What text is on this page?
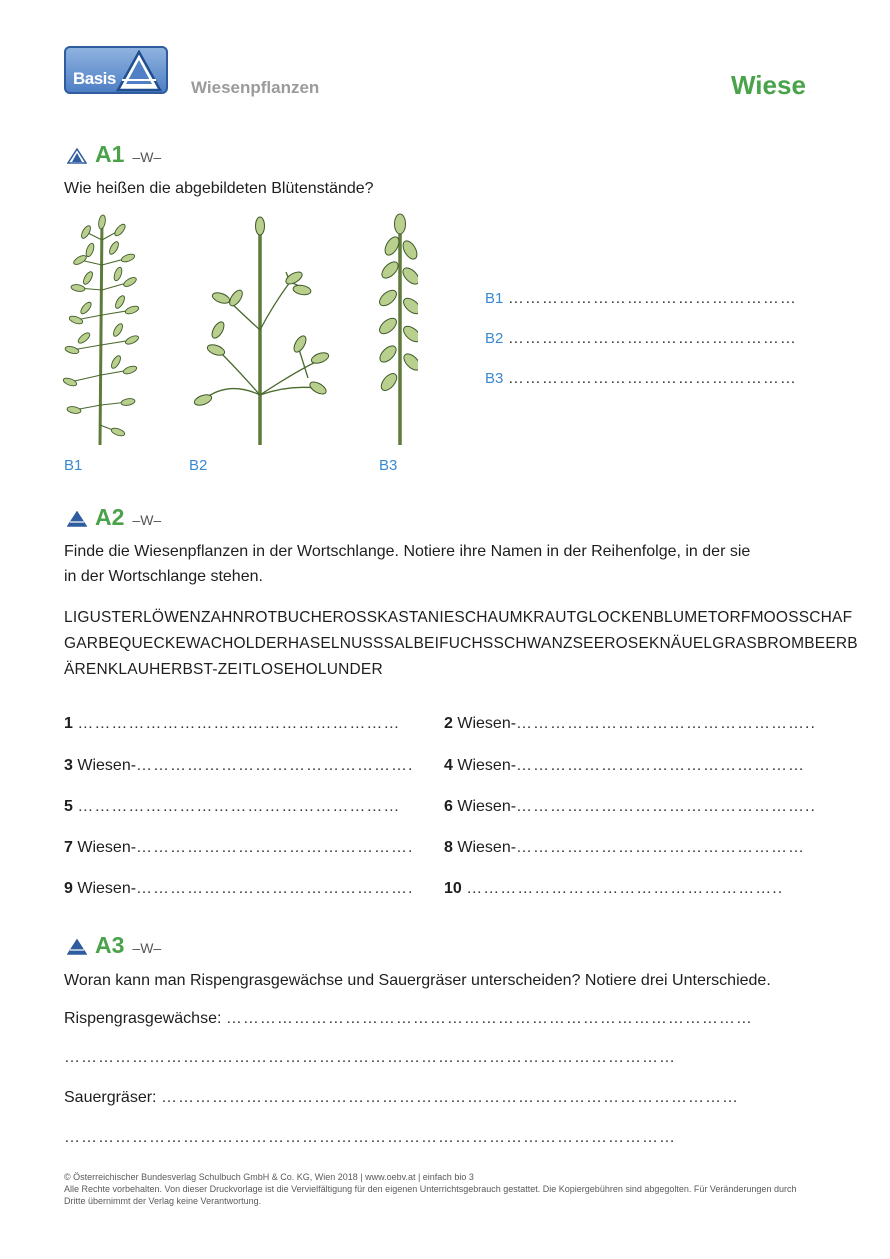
Basis	Wiesenpflanzen	Wiese
A1 –W–
Wie heißen die abgebildeten Blütenstände?
B1	B2	B3
B1 ……………………………………………
B2 ……………………………………………
B3 ……………………………………………
A2 –W–
Finde die Wiesenpflanzen in der Wortschlange. Notiere ihre Namen in der Reihenfolge, in der sie
in der Wortschlange stehen.
LIGUSTERLÖWENZAHNROTBUCHEROSSKASTANIESCHAUMKRAUTGLOCKENBLUMETORFMOOSSCHAF
GARBEQUECKEWACHOLDERHASELNUSSSALBEIFUCHSSCHWANZSEEROSEKNÄUELGRASBROMBEERB
ÄRENKLAUHERBST-ZEITLOSEHOLUNDER
1 …………………………………………………	2 Wiesen-……………………………………………..
3 Wiesen-…………………………………………. 4 Wiesen-……………………………………………
5 …………………………………………………	6 Wiesen-……………………………………………..
7 Wiesen-…………………………………………. 8 Wiesen-……………………………………………
9 Wiesen-…………………………………………. 10 ………………………………………………..
A3 –W–
Woran kann man Rispengrasgewächse und Sauergräser unterscheiden? Notiere drei Unterschiede.
Rispengrasgewächse: …………………………………………………………………………………
………………………………………………………………………………………………
Sauergräser: …………………………………………………………………………………………
………………………………………………………………………………………………
© Österreichischer Bundesverlag Schulbuch GmbH & Co. KG, Wien 2018 | www.oebv.at | einfach bio 3
Alle Rechte vorbehalten. Von dieser Druckvorlage ist die Vervielfältigung für den eigenen Unterrichtsgebrauch gestattet. Die Kopiergebühren sind abgegolten. Für Veränderungen durch Dritte übernimmt der Verlag keine Verantwortung.
